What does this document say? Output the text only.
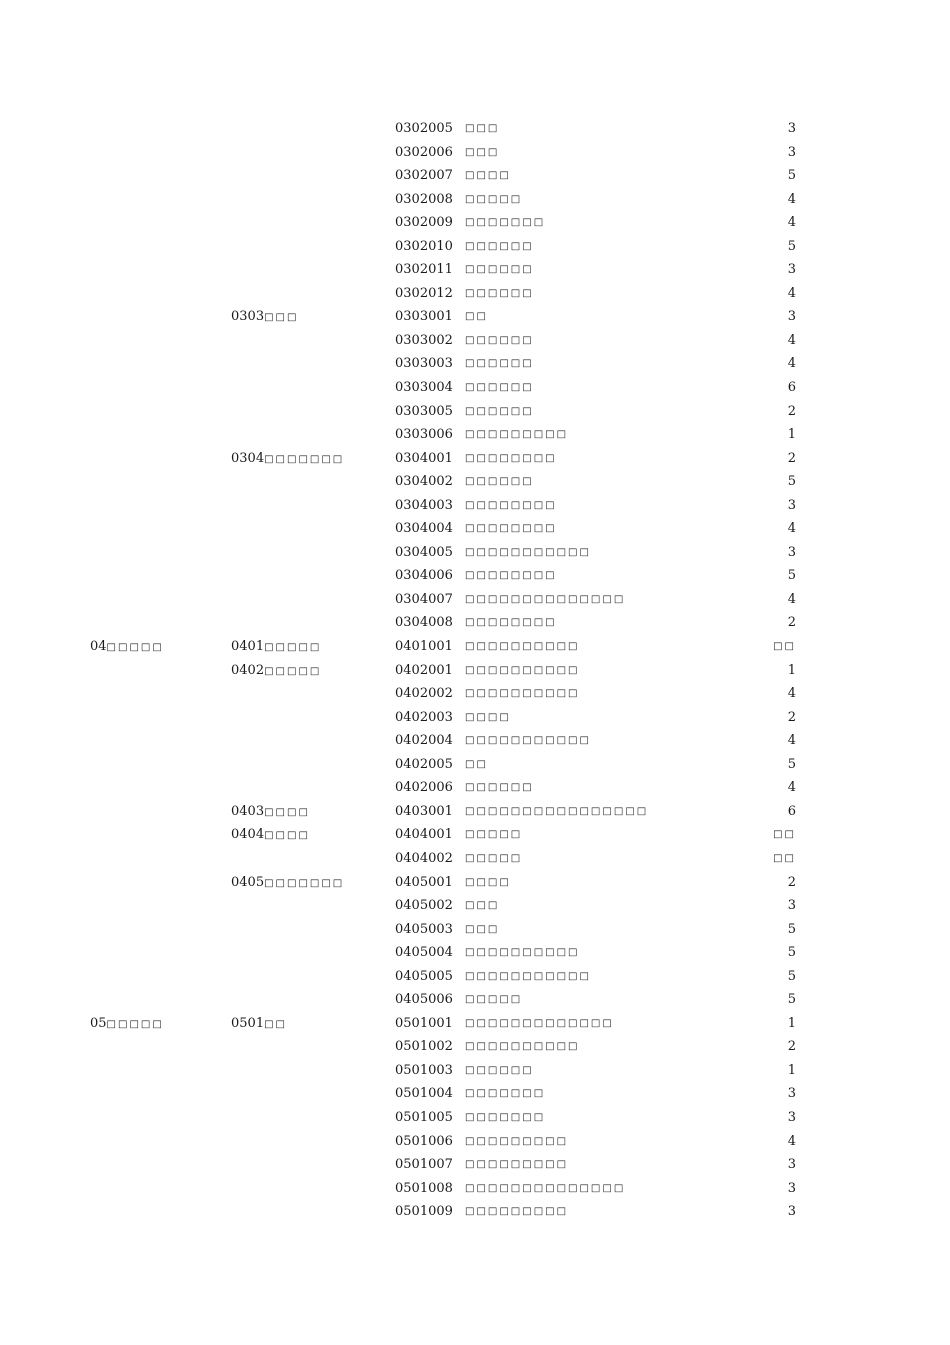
0302005 □□□	3
0302006 □□□	3
0302007 □□□□	5
0302008 □□□□□	4
0302009 □□□□□□□	4
0302010 □□□□□□	5
0302011 □□□□□□	3
0302012 □□□□□□	4
0303□□□	0303001 □□	3
0303002 □□□□□□	4
0303003 □□□□□□	4
0303004 □□□□□□	6
0303005 □□□□□□	2
0303006 □□□□□□□□□	1
0304□□□□□□□	0304001 □□□□□□□□	2
0304002 □□□□□□	5
0304003 □□□□□□□□	3
0304004 □□□□□□□□	4
0304005 □□□□□□□□□□□	3
0304006 □□□□□□□□	5
0304007 □□□□□□□□□□□□□□	4
0304008 □□□□□□□□	2
04□□□□□	0401□□□□□	0401001 □□□□□□□□□□	□□
0402□□□□□	0402001 □□□□□□□□□□	1
0402002 □□□□□□□□□□	4
0402003 □□□□	2
0402004 □□□□□□□□□□□	4
0402005 □□	5
0402006 □□□□□□	4
0403□□□□	0403001 □□□□□□□□□□□□□□□□	6
0404□□□□	0404001 □□□□□	□□
0404002 □□□□□	□□
0405□□□□□□□	0405001 □□□□	2
0405002 □□□	3
0405003 □□□	5
0405004 □□□□□□□□□□	5
0405005 □□□□□□□□□□□	5
0405006 □□□□□	5
05□□□□□	0501□□	0501001 □□□□□□□□□□□□□	1
0501002 □□□□□□□□□□	2
0501003 □□□□□□	1
0501004 □□□□□□□	3
0501005 □□□□□□□	3
0501006 □□□□□□□□□	4
0501007 □□□□□□□□□	3
0501008 □□□□□□□□□□□□□□	3
0501009 □□□□□□□□□	3
